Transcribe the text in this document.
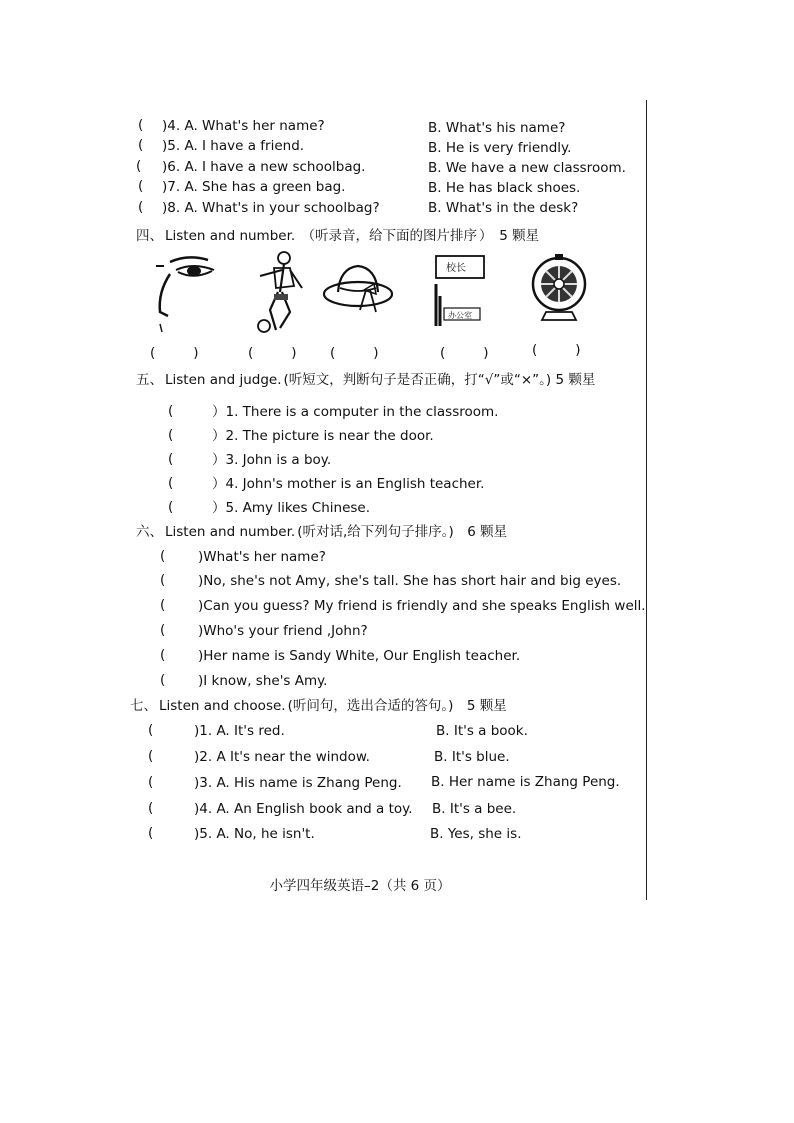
( )4. A. What's her name?	B. What's his name?
( )5. A. I have a friend.	B. He is very friendly.
( )6. A. I have a new schoolbag.	B. We have a new classroom.
( )7. A. She has a green bag.	B. He has black shoes.
( )8. A. What's in your schoolbag?	B. What's in the desk?
四、 Listen and number. （听录音，给下面的图片排序 ）　5 颗星
校长
办公室
(	)	(	) (	)	(	)	(	)
五、 Listen and judge. (听短文，判断句子是否正确，打“√”或“×”。) 5 颗星
(	）1. There is a computer in the classroom.
(	）2. The picture is near the door.
(	）3. John is a boy.
(	）4. John's mother is an English teacher.
(	）5. Amy likes Chinese.
六、 Listen and number. (听对话,给下列句子排序。)　6 颗星
( )What's her name?
( )No, she's not Amy, she's tall. She has short hair and big eyes.
( )Can you guess? My friend is friendly and she speaks English well.
( )Who's your friend ,John?
( )Her name is Sandy White, Our English teacher.
( )I know, she's Amy.
七、 Listen and choose. (听问句，选出合适的答句。)　5 颗星
(	)1. A. It's red.	B. It's a book.
(	)2. A It's near the window.	B. It's blue.
(	)3. A. His name is Zhang Peng. B. Her name is Zhang Peng.
(	)4. A. An English book and a toy. B. It's a bee.
(	)5. A. No, he isn't.	B. Yes, she is.
小学四年级英语–2（共 6 页）
